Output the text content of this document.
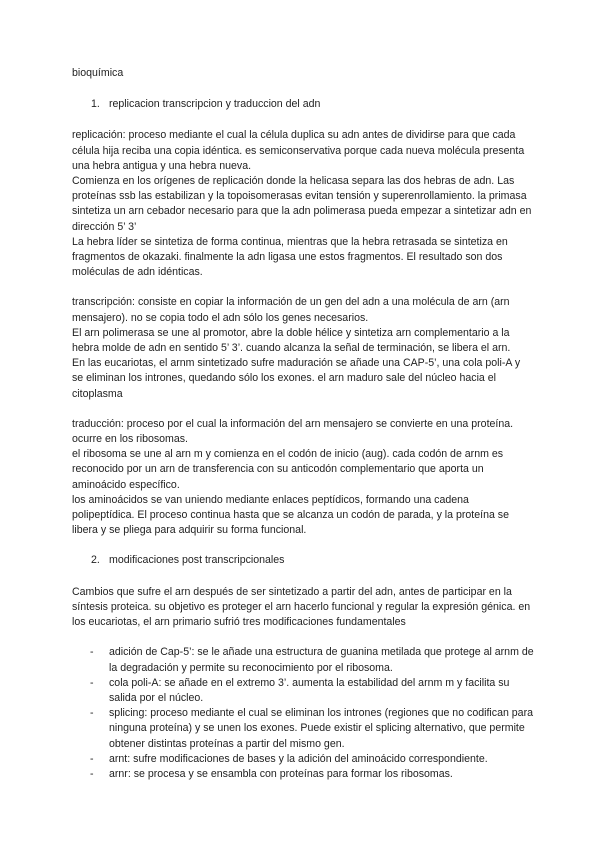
bioquímica

1. replicacion transcripcion y traduccion del adn

replicación: proceso mediante el cual la célula duplica su adn antes de dividirse para que cada célula hija reciba una copia idéntica. es semiconservativa porque cada nueva molécula presenta una hebra antigua y una hebra nueva.

Comienza en los orígenes de replicación donde la helicasa separa las dos hebras de adn. Las proteínas ssb las estabilizan y la topoisomerasas evitan tensión y superenrollamiento. la primasa sintetiza un arn cebador necesario para que la adn polimerasa pueda empezar a sintetizar adn en dirección 5’ 3’

La hebra líder se sintetiza de forma continua, mientras que la hebra retrasada se sintetiza en fragmentos de okazaki. finalmente la adn ligasa une estos fragmentos. El resultado son dos moléculas de adn idénticas.

transcripción: consiste en copiar la información de un gen del adn a una molécula de arn (arn mensajero). no se copia todo el adn sólo los genes necesarios.

El arn polimerasa se une al promotor, abre la doble hélice y sintetiza arn complementario a la hebra molde de adn en sentido 5’ 3’. cuando alcanza la señal de terminación, se libera el arn.

En las eucariotas, el arnm sintetizado sufre maduración se añade una CAP-5’, una cola poli-A y se eliminan los intrones, quedando sólo los exones. el arn maduro sale del núcleo hacia el citoplasma

traducción: proceso por el cual la información del arn mensajero se convierte en una proteína. ocurre en los ribosomas.

el ribosoma se une al arn m y comienza en el codón de inicio (aug). cada codón de arnm es reconocido por un arn de transferencia con su anticodón complementario que aporta un aminoácido específico.

los aminoácidos se van uniendo mediante enlaces peptídicos, formando una cadena polipeptídica. El proceso continua hasta que se alcanza un codón de parada, y la proteína se libera y se pliega para adquirir su forma funcional.

2. modificaciones post transcripcionales

Cambios que sufre el arn después de ser sintetizado a partir del adn, antes de participar en la síntesis proteica. su objetivo es proteger el arn hacerlo funcional y regular la expresión génica. en los eucariotas, el arn primario sufrió tres modificaciones fundamentales

-	adición de Cap-5’: se le añade una estructura de guanina metilada que protege al arnm de la degradación y permite su reconocimiento por el ribosoma.
-	cola poli-A: se añade en el extremo 3’. aumenta la estabilidad del arnm m y facilita su salida por el núcleo.
-	splicing: proceso mediante el cual se eliminan los intrones (regiones que no codifican para ninguna proteína) y se unen los exones. Puede existir el splicing alternativo, que permite obtener distintas proteínas a partir del mismo gen.
-	arnt: sufre modificaciones de bases y la adición del aminoácido correspondiente.
-	arnr: se procesa y se ensambla con proteínas para formar los ribosomas.
